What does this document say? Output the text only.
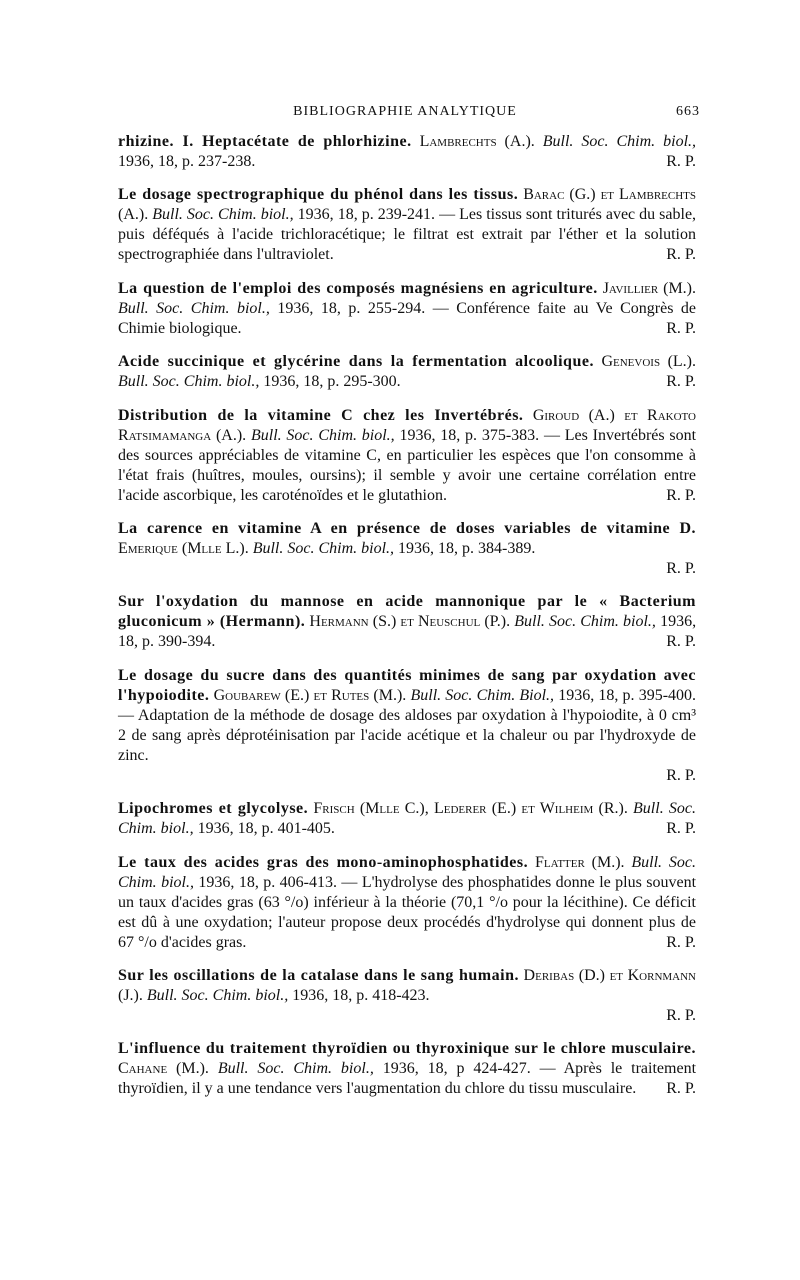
BIBLIOGRAPHIE ANALYTIQUE	663
rhizine. I. Heptacétate de phlorhizine. Lambrechts (A.). Bull. Soc. Chim. biol., 1936, 18, p. 237-238.	R. P.
Le dosage spectrographique du phénol dans les tissus. Barac (G.) et Lambrechts (A.). Bull. Soc. Chim. biol., 1936, 18, p. 239-241. — Les tissus sont triturés avec du sable, puis déféqués à l'acide trichloracétique; le filtrat est extrait par l'éther et la solution spectrographiée dans l'ultraviolet.	R. P.
La question de l'emploi des composés magnésiens en agriculture. Javillier (M.). Bull. Soc. Chim. biol., 1936, 18, p. 255-294. — Conférence faite au Ve Congrès de Chimie biologique.	R. P.
Acide succinique et glycérine dans la fermentation alcoolique. Genevois (L.). Bull. Soc. Chim. biol., 1936, 18, p. 295-300.	R. P.
Distribution de la vitamine C chez les Invertébrés. Giroud (A.) et Rakoto Ratsimamanga (A.). Bull. Soc. Chim. biol., 1936, 18, p. 375-383. — Les Invertébrés sont des sources appréciables de vitamine C, en particulier les espèces que l'on consomme à l'état frais (huîtres, moules, oursins); il semble y avoir une certaine corrélation entre l'acide ascorbique, les caroténoïdes et le glutathion.	R. P.
La carence en vitamine A en présence de doses variables de vitamine D. Emerique (Mlle L.). Bull. Soc. Chim. biol., 1936, 18, p. 384-389.
R. P.
Sur l'oxydation du mannose en acide mannonique par le « Bacterium gluconicum » (Hermann). Hermann (S.) et Neuschul (P.). Bull. Soc. Chim. biol., 1936, 18, p. 390-394.	R. P.
Le dosage du sucre dans des quantités minimes de sang par oxydation avec l'hypoiodite. Goubarew (E.) et Rutes (M.). Bull. Soc. Chim. Biol., 1936, 18, p. 395-400. — Adaptation de la méthode de dosage des aldoses par oxydation à l'hypoiodite, à 0 cm³ 2 de sang après déprotéinisation par l'acide acétique et la chaleur ou par l'hydroxyde de zinc.
R. P.
Lipochromes et glycolyse. Frisch (Mlle C.), Lederer (E.) et Wilheim (R.). Bull. Soc. Chim. biol., 1936, 18, p. 401-405.	R. P.
Le taux des acides gras des mono-aminophosphatides. Flatter (M.). Bull. Soc. Chim. biol., 1936, 18, p. 406-413. — L'hydrolyse des phosphatides donne le plus souvent un taux d'acides gras (63 °/o) inférieur à la théorie (70,1 °/o pour la lécithine). Ce déficit est dû à une oxydation; l'auteur propose deux procédés d'hydrolyse qui donnent plus de 67 °/o d'acides gras.	R. P.
Sur les oscillations de la catalase dans le sang humain. Deribas (D.) et Kornmann (J.). Bull. Soc. Chim. biol., 1936, 18, p. 418-423.
R. P.
L'influence du traitement thyroïdien ou thyroxinique sur le chlore musculaire. Cahane (M.). Bull. Soc. Chim. biol., 1936, 18, p 424-427. — Après le traitement thyroïdien, il y a une tendance vers l'augmentation du chlore du tissu musculaire. R. P.
